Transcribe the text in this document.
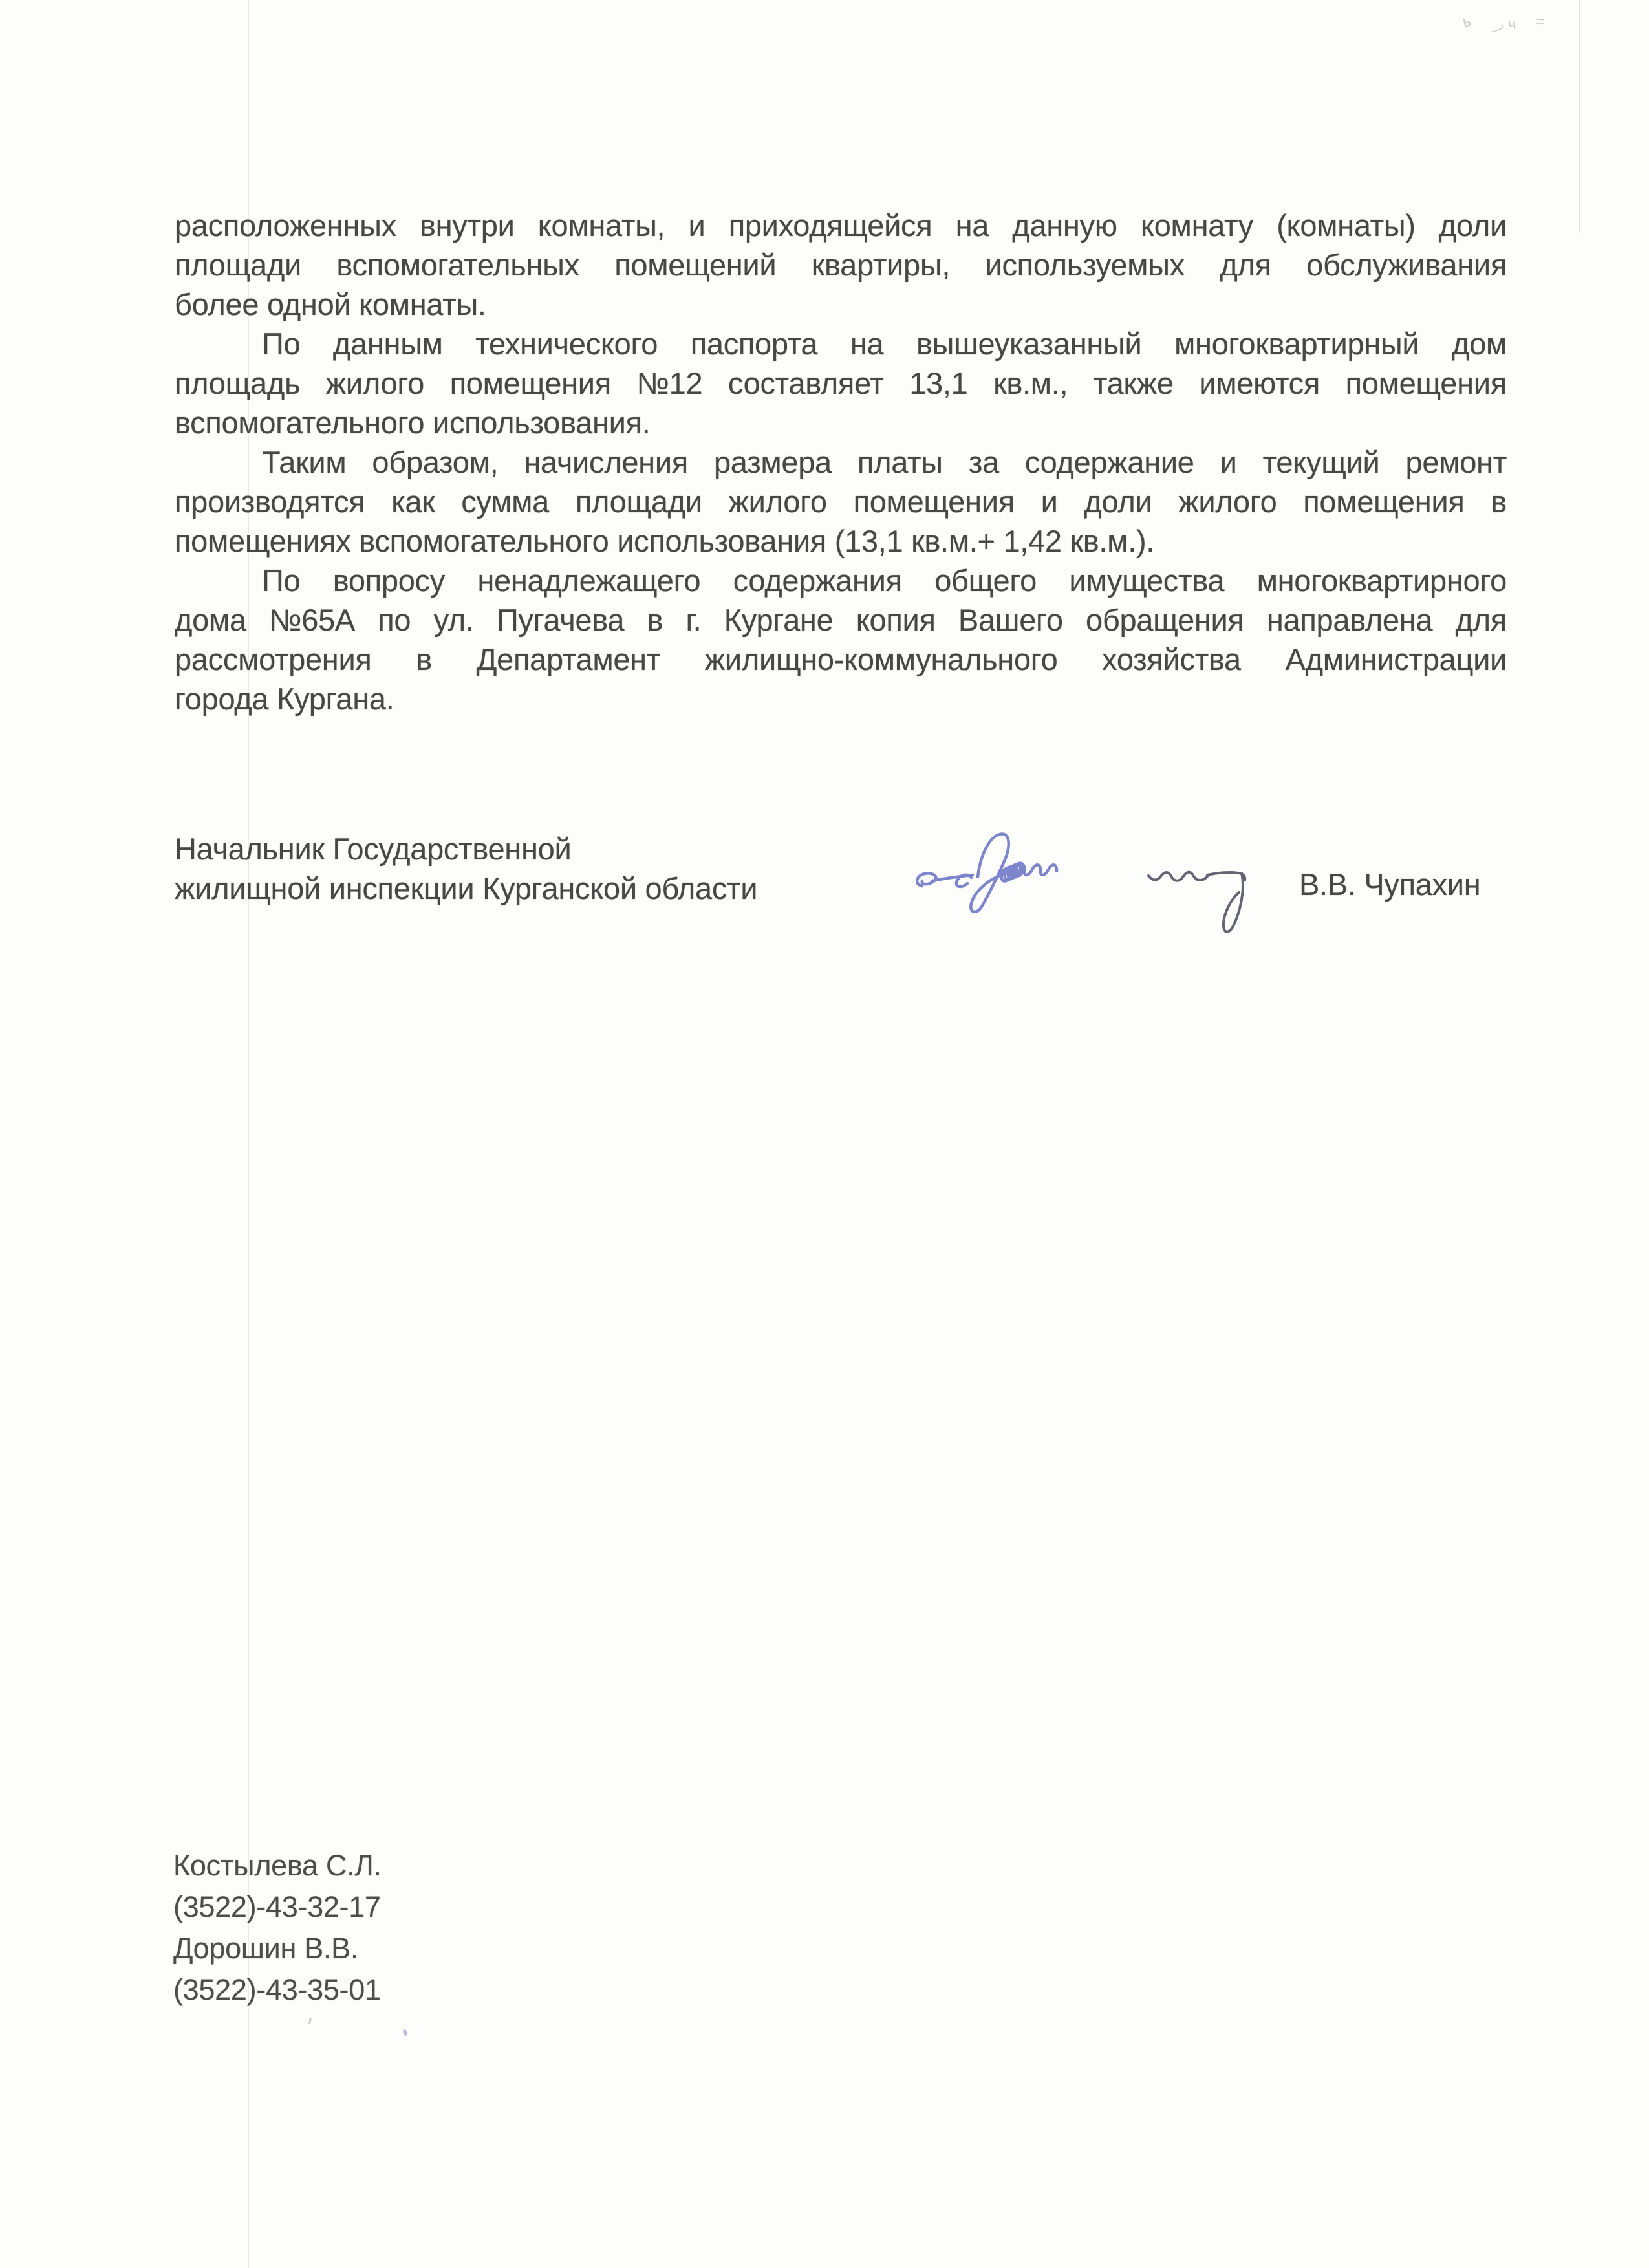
ь ノ
ч =
расположенных внутри комнаты, и приходящейся на данную комнату (комнаты) доли
площади вспомогательных помещений квартиры, используемых для обслуживания
более одной комнаты.
По данным технического паспорта на вышеуказанный многоквартирный дом
площадь жилого помещения №12 составляет 13,1 кв.м., также имеются помещения
вспомогательного использования.
Таким образом, начисления размера платы за содержание и текущий ремонт
производятся как сумма площади жилого помещения и доли жилого помещения в
помещениях вспомогательного использования (13,1 кв.м.+ 1,42 кв.м.).
По вопросу ненадлежащего содержания общего имущества многоквартирного
дома №65А по ул. Пугачева в г. Кургане копия Вашего обращения направлена для
рассмотрения в Департамент жилищно-коммунального хозяйства Администрации
города Кургана.
Начальник Государственной
жилищной инспекции Курганской области	В.В. Чупахин
Костылева С.Л.
(3522)-43-32-17
Дорошин В.В.
(3522)-43-35-01
